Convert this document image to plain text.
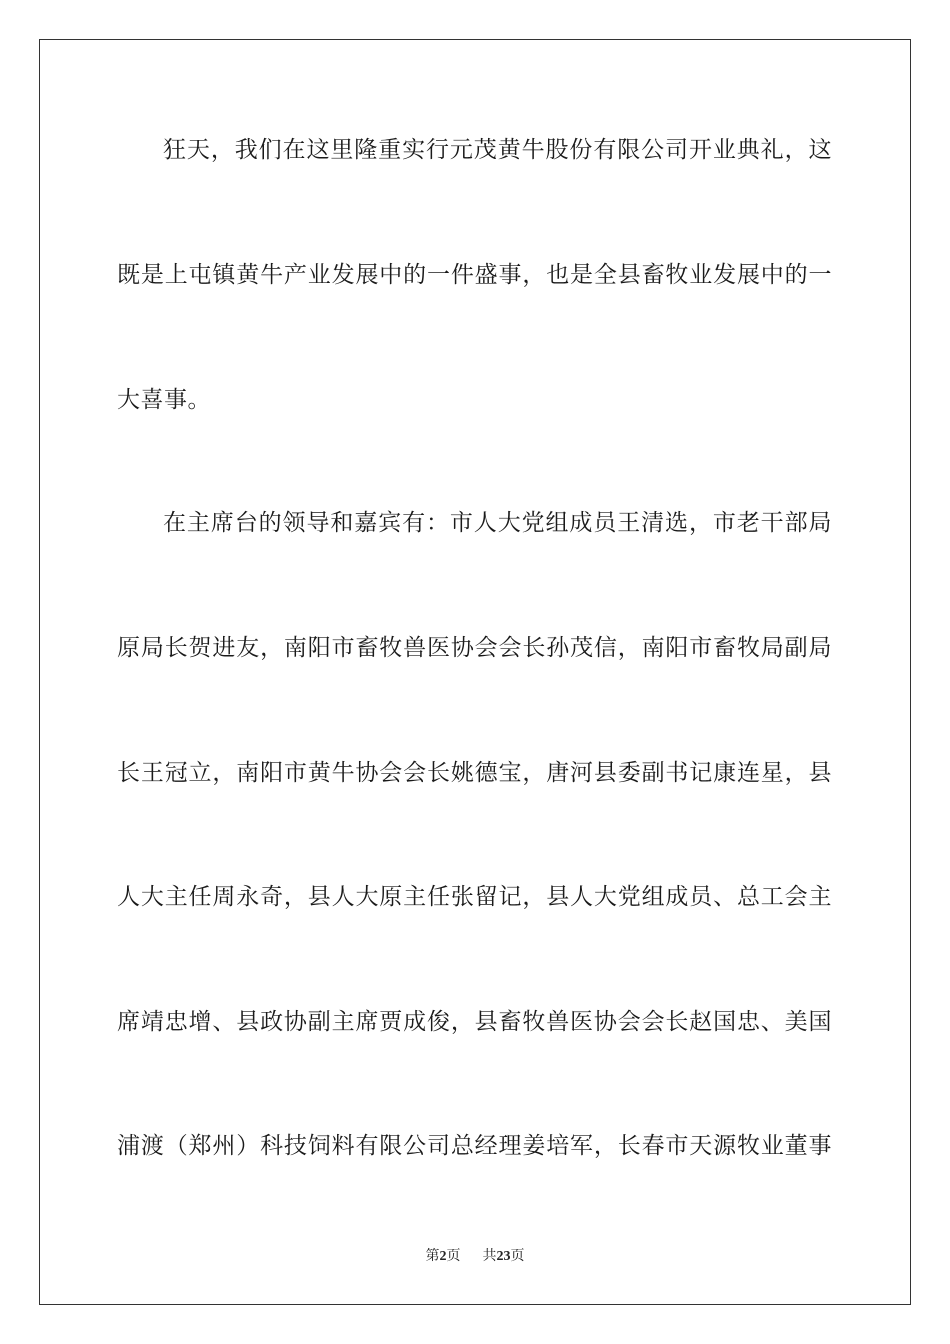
狂天，我们在这里隆重实行元茂黄牛股份有限公司开业典礼，这
既是上屯镇黄牛产业发展中的一件盛事，也是全县畜牧业发展中的一
大喜事。
在主席台的领导和嘉宾有：市人大党组成员王清选，市老干部局
原局长贺进友，南阳市畜牧兽医协会会长孙茂信，南阳市畜牧局副局
长王冠立，南阳市黄牛协会会长姚德宝，唐河县委副书记康连星，县
人大主任周永奇，县人大原主任张留记，县人大党组成员、总工会主
席靖忠增、县政协副主席贾成俊，县畜牧兽医协会会长赵国忠、美国
浦渡（郑州）科技饲料有限公司总经理姜培军，长春市天源牧业董事
第2页 共23页
